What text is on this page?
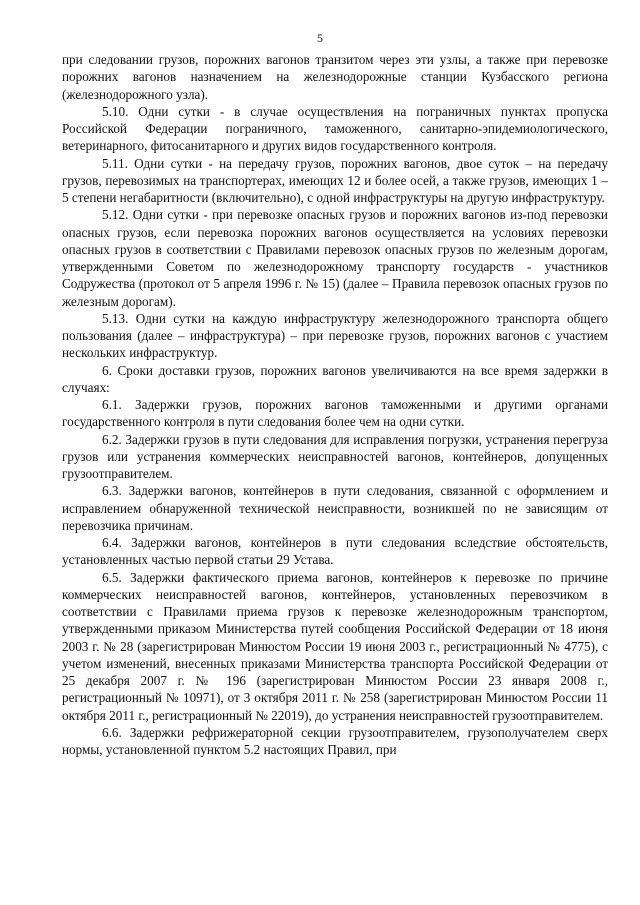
5

при следовании грузов, порожних вагонов транзитом через эти узлы, а также при перевозке порожних вагонов назначением на железнодорожные станции Кузбасского региона (железнодорожного узла).

5.10. Одни сутки - в случае осуществления на пограничных пунктах пропуска Российской Федерации пограничного, таможенного, санитарно-эпидемиологического, ветеринарного, фитосанитарного и других видов государственного контроля.

5.11. Одни сутки - на передачу грузов, порожних вагонов, двое суток – на передачу грузов, перевозимых на транспортерах, имеющих 12 и более осей, а также грузов, имеющих 1 – 5 степени негабаритности (включительно), с одной инфраструктуры на другую инфраструктуру.

5.12. Одни сутки - при перевозке опасных грузов и порожних вагонов из-под перевозки опасных грузов, если перевозка порожних вагонов осуществляется на условиях перевозки опасных грузов в соответствии с Правилами перевозок опасных грузов по железным дорогам, утвержденными Советом по железнодорожному транспорту государств - участников Содружества (протокол от 5 апреля 1996 г. № 15) (далее – Правила перевозок опасных грузов по железным дорогам).

5.13. Одни сутки на каждую инфраструктуру железнодорожного транспорта общего пользования (далее – инфраструктура) – при перевозке грузов, порожних вагонов с участием нескольких инфраструктур.

6. Сроки доставки грузов, порожних вагонов увеличиваются на все время задержки в случаях:

6.1. Задержки грузов, порожних вагонов таможенными и другими органами государственного контроля в пути следования более чем на одни сутки.

6.2. Задержки грузов в пути следования для исправления погрузки, устранения перегруза грузов или устранения коммерческих неисправностей вагонов, контейнеров, допущенных грузоотправителем.

6.3. Задержки вагонов, контейнеров в пути следования, связанной с оформлением и исправлением обнаруженной технической неисправности, возникшей по не зависящим от перевозчика причинам.

6.4. Задержки вагонов, контейнеров в пути следования вследствие обстоятельств, установленных частью первой статьи 29 Устава.

6.5. Задержки фактического приема вагонов, контейнеров к перевозке по причине коммерческих неисправностей вагонов, контейнеров, установленных перевозчиком в соответствии с Правилами приема грузов к перевозке железнодорожным транспортом, утвержденными приказом Министерства путей сообщения Российской Федерации от 18 июня 2003 г. № 28 (зарегистрирован Минюстом России 19 июня 2003 г., регистрационный № 4775), с учетом изменений, внесенных приказами Министерства транспорта Российской Федерации от 25 декабря 2007 г. № 196 (зарегистрирован Минюстом России 23 января 2008 г., регистрационный № 10971), от 3 октября 2011 г. № 258 (зарегистрирован Минюстом России 11 октября 2011 г., регистрационный № 22019), до устранения неисправностей грузоотправителем.

6.6. Задержки рефрижераторной секции грузоотправителем, грузополучателем сверх нормы, установленной пунктом 5.2 настоящих Правил, при
